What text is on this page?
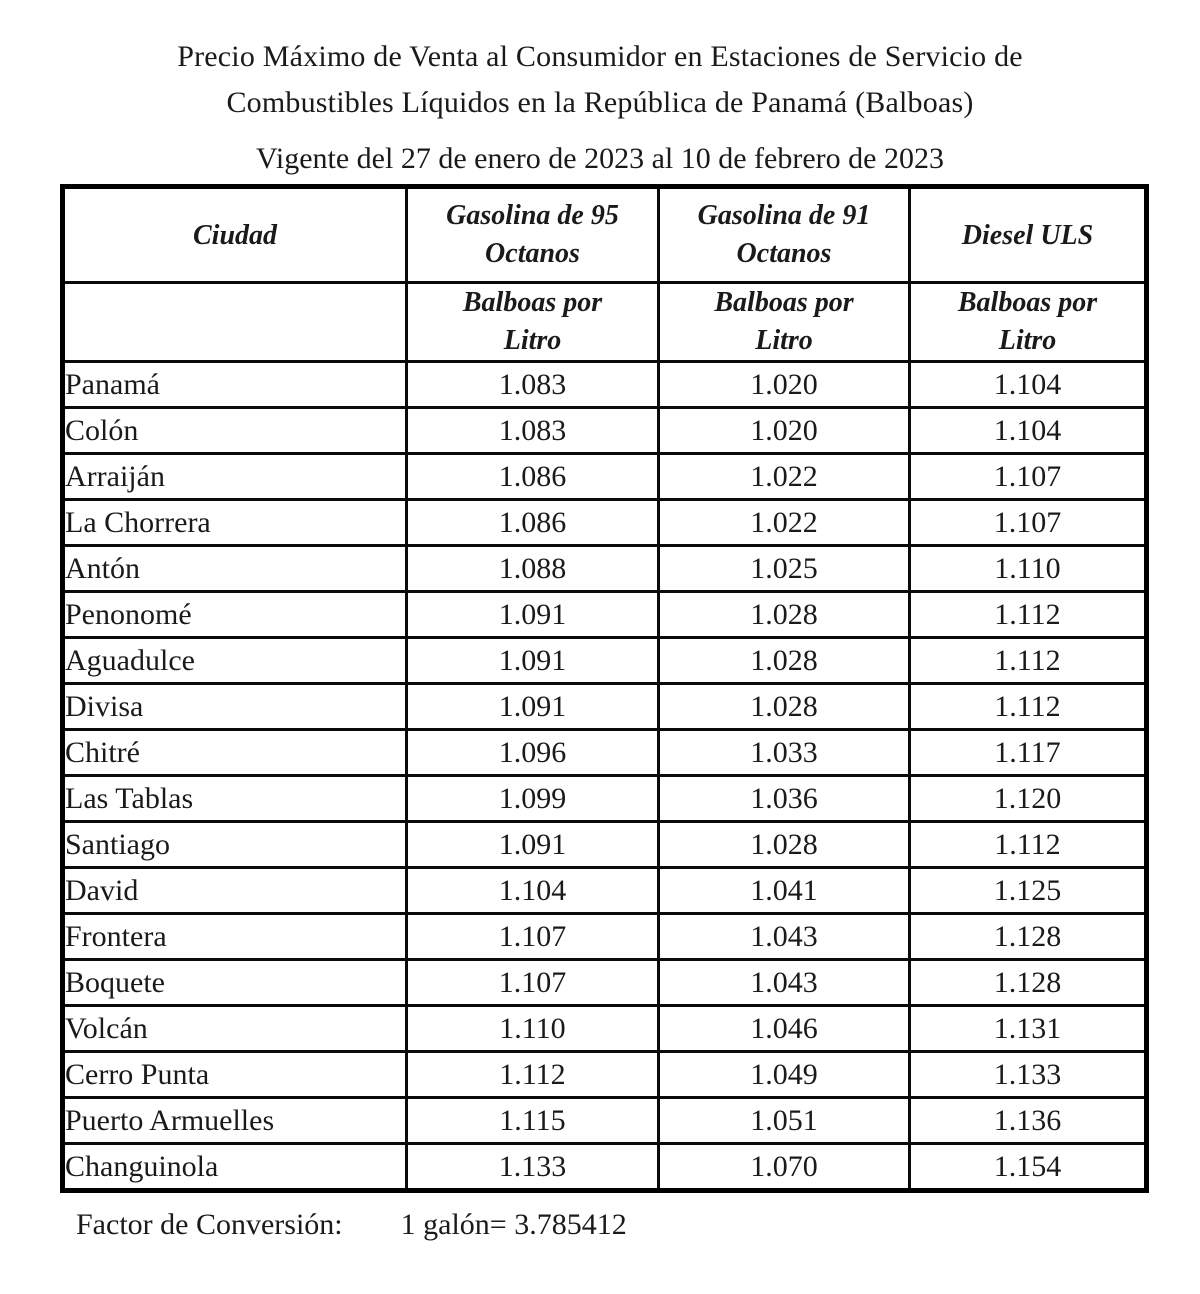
Precio Máximo de Venta al Consumidor en Estaciones de Servicio de
Combustibles Líquidos en la República de Panamá (Balboas)
Vigente del 27 de enero de 2023 al 10 de febrero de 2023
Ciudad	Gasolina de 95 Octanos	Gasolina de 91 Octanos	Diesel ULS
	Balboas por Litro	Balboas por Litro	Balboas por Litro
Panamá	1.083	1.020	1.104
Colón	1.083	1.020	1.104
Arraiján	1.086	1.022	1.107
La Chorrera	1.086	1.022	1.107
Antón	1.088	1.025	1.110
Penonomé	1.091	1.028	1.112
Aguadulce	1.091	1.028	1.112
Divisa	1.091	1.028	1.112
Chitré	1.096	1.033	1.117
Las Tablas	1.099	1.036	1.120
Santiago	1.091	1.028	1.112
David	1.104	1.041	1.125
Frontera	1.107	1.043	1.128
Boquete	1.107	1.043	1.128
Volcán	1.110	1.046	1.131
Cerro Punta	1.112	1.049	1.133
Puerto Armuelles	1.115	1.051	1.136
Changuinola	1.133	1.070	1.154
Factor de Conversión: 1 galón= 3.785412
